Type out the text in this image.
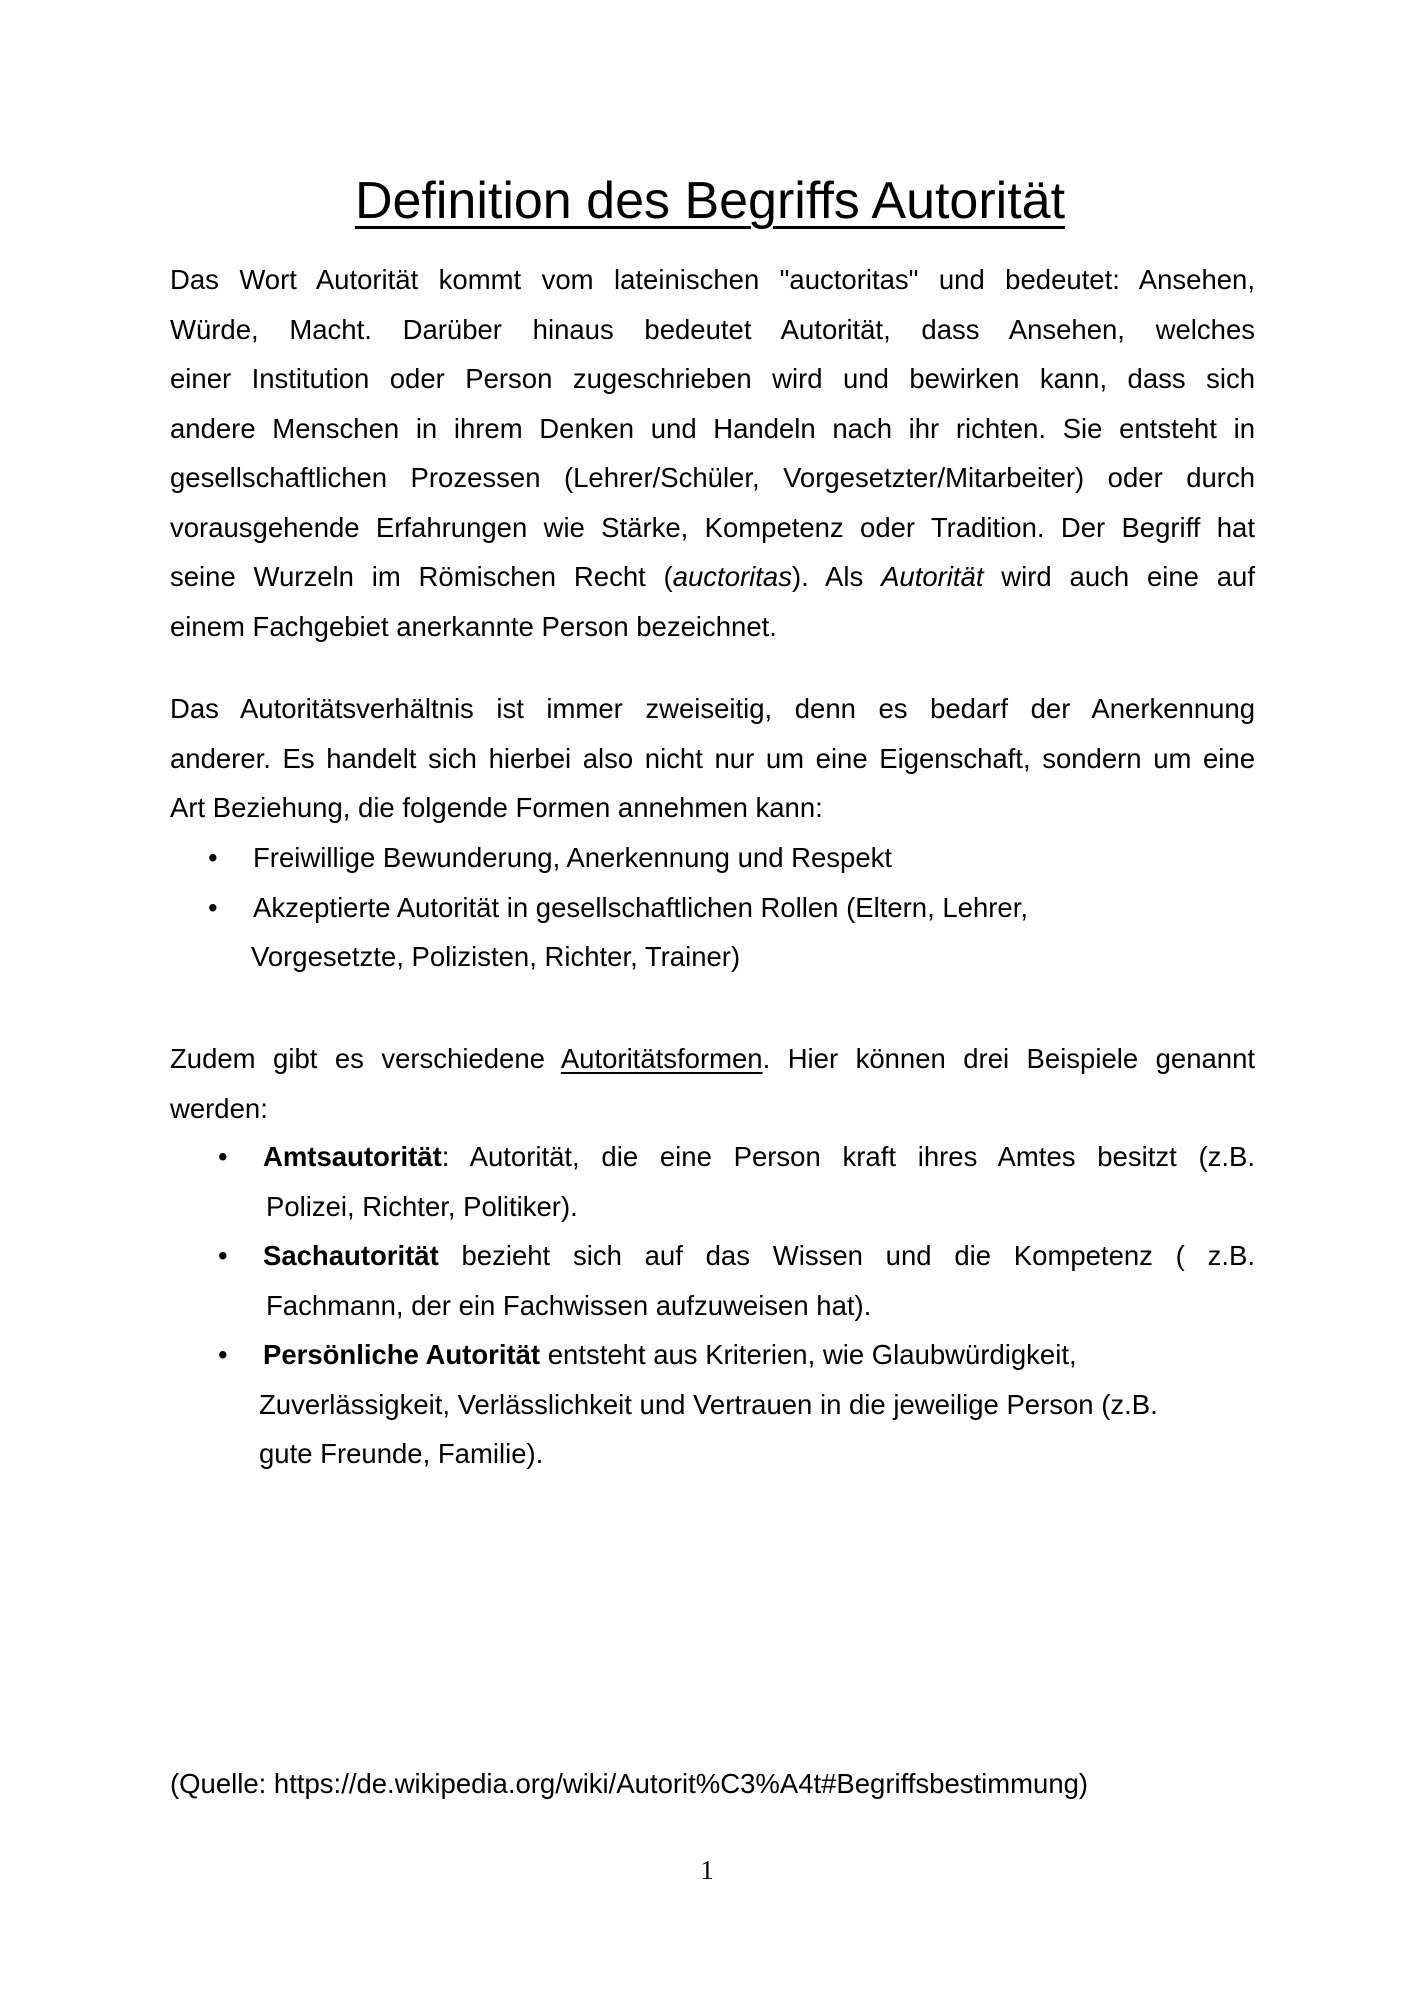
Definition des Begriffs Autorität
Das Wort Autorität kommt vom lateinischen "auctoritas" und bedeutet: Ansehen,
Würde, Macht. Darüber hinaus bedeutet Autorität, dass Ansehen, welches
einer Institution oder Person zugeschrieben wird und bewirken kann, dass sich
andere Menschen in ihrem Denken und Handeln nach ihr richten. Sie entsteht in
gesellschaftlichen Prozessen (Lehrer/Schüler, Vorgesetzter/Mitarbeiter) oder durch
vorausgehende Erfahrungen wie Stärke, Kompetenz oder Tradition. Der Begriff hat
seine Wurzeln im Römischen Recht (auctoritas). Als Autorität wird auch eine auf
einem Fachgebiet anerkannte Person bezeichnet.
Das Autoritätsverhältnis ist immer zweiseitig, denn es bedarf der Anerkennung
anderer. Es handelt sich hierbei also nicht nur um eine Eigenschaft, sondern um eine
Art Beziehung, die folgende Formen annehmen kann:
• Freiwillige Bewunderung, Anerkennung und Respekt
• Akzeptierte Autorität in gesellschaftlichen Rollen (Eltern, Lehrer,
Vorgesetzte, Polizisten, Richter, Trainer)
Zudem gibt es verschiedene Autoritätsformen. Hier können drei Beispiele genannt
werden:
• Amtsautorität: Autorität, die eine Person kraft ihres Amtes besitzt (z.B.
Polizei, Richter, Politiker).
• Sachautorität bezieht sich auf das Wissen und die Kompetenz ( z.B.
Fachmann, der ein Fachwissen aufzuweisen hat).
• Persönliche Autorität entsteht aus Kriterien, wie Glaubwürdigkeit,
Zuverlässigkeit, Verlässlichkeit und Vertrauen in die jeweilige Person (z.B.
gute Freunde, Familie).
(Quelle: https://de.wikipedia.org/wiki/Autorit%C3%A4t#Begriffsbestimmung)
1
